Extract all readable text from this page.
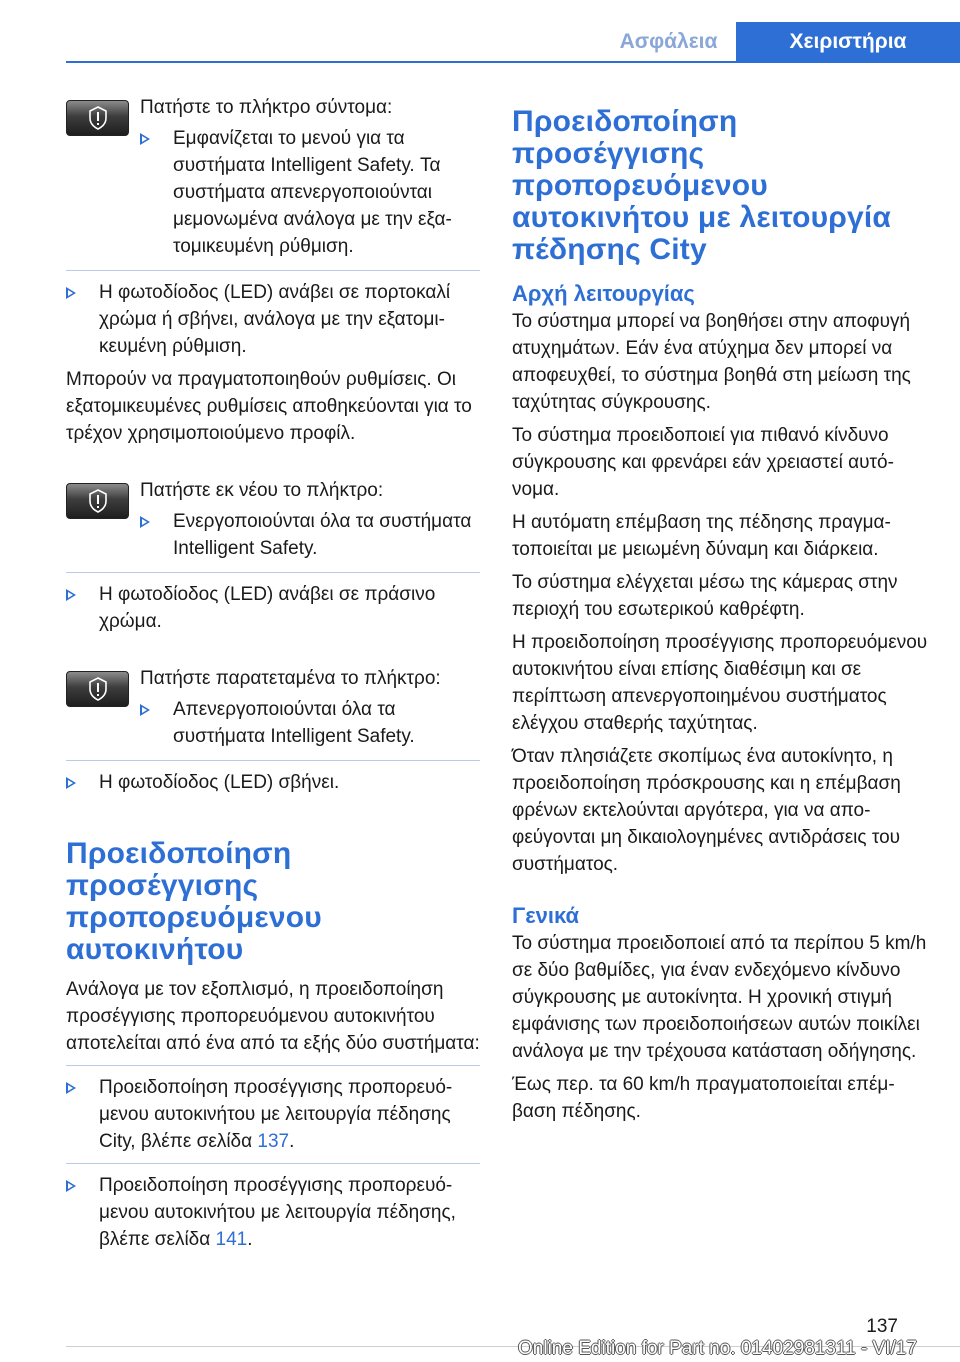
Ασφάλεια	Χειριστήρια
Πατήστε το πλήκτρο σύντομα:
Εμφανίζεται το μενού για τα συστήματα Intelligent Safety. Τα συστήματα απενεργοποιούνται μεμονωμένα ανάλογα με την εξατομικευμένη ρύθμιση.
Η φωτοδίοδος (LED) ανάβει σε πορτοκαλί χρώμα ή σβήνει, ανάλογα με την εξατομικευμένη ρύθμιση.
Μπορούν να πραγματοποιηθούν ρυθμίσεις. Οι εξατομικευμένες ρυθμίσεις αποθηκεύονται για το τρέχον χρησιμοποιούμενο προφίλ.
Πατήστε εκ νέου το πλήκτρο:
Ενεργοποιούνται όλα τα συστήματα Intelligent Safety.
Η φωτοδίοδος (LED) ανάβει σε πράσινο χρώμα.
Πατήστε παρατεταμένα το πλήκτρο:
Απενεργοποιούνται όλα τα συστήματα Intelligent Safety.
Η φωτοδίοδος (LED) σβήνει.
Προειδοποίηση προσέγγισης προπορευόμενου αυτοκινήτου
Ανάλογα με τον εξοπλισμό, η προειδοποίηση προσέγγισης προπορευόμενου αυτοκινήτου αποτελείται από ένα από τα εξής δύο συστήματα:
Προειδοποίηση προσέγγισης προπορευόμενου αυτοκινήτου με λειτουργία πέδησης City, βλέπε σελίδα 137.
Προειδοποίηση προσέγγισης προπορευόμενου αυτοκινήτου με λειτουργία πέδησης, βλέπε σελίδα 141.
Προειδοποίηση προσέγγισης προπορευόμενου αυτοκινήτου με λειτουργία πέδησης City
Αρχή λειτουργίας
Το σύστημα μπορεί να βοηθήσει στην αποφυγή ατυχημάτων. Εάν ένα ατύχημα δεν μπορεί να αποφευχθεί, το σύστημα βοηθά στη μείωση της ταχύτητας σύγκρουσης.
Το σύστημα προειδοποιεί για πιθανό κίνδυνο σύγκρουσης και φρενάρει εάν χρειαστεί αυτόνομα.
Η αυτόματη επέμβαση της πέδησης πραγματοποιείται με μειωμένη δύναμη και διάρκεια.
Το σύστημα ελέγχεται μέσω της κάμερας στην περιοχή του εσωτερικού καθρέφτη.
Η προειδοποίηση προσέγγισης προπορευόμενου αυτοκινήτου είναι επίσης διαθέσιμη και σε περίπτωση απενεργοποιημένου συστήματος ελέγχου σταθερής ταχύτητας.
Όταν πλησιάζετε σκοπίμως ένα αυτοκίνητο, η προειδοποίηση πρόσκρουσης και η επέμβαση φρένων εκτελούνται αργότερα, για να αποφεύγονται μη δικαιολογημένες αντιδράσεις του συστήματος.
Γενικά
Το σύστημα προειδοποιεί από τα περίπου 5 km/h σε δύο βαθμίδες, για έναν ενδεχόμενο κίνδυνο σύγκρουσης με αυτοκίνητα. Η χρονική στιγμή εμφάνισης των προειδοποιήσεων αυτών ποικίλει ανάλογα με την τρέχουσα κατάσταση οδήγησης.
Έως περ. τα 60 km/h πραγματοποιείται επέμβαση πέδησης.
137
Online Edition for Part no. 01402981311 - VI/17
